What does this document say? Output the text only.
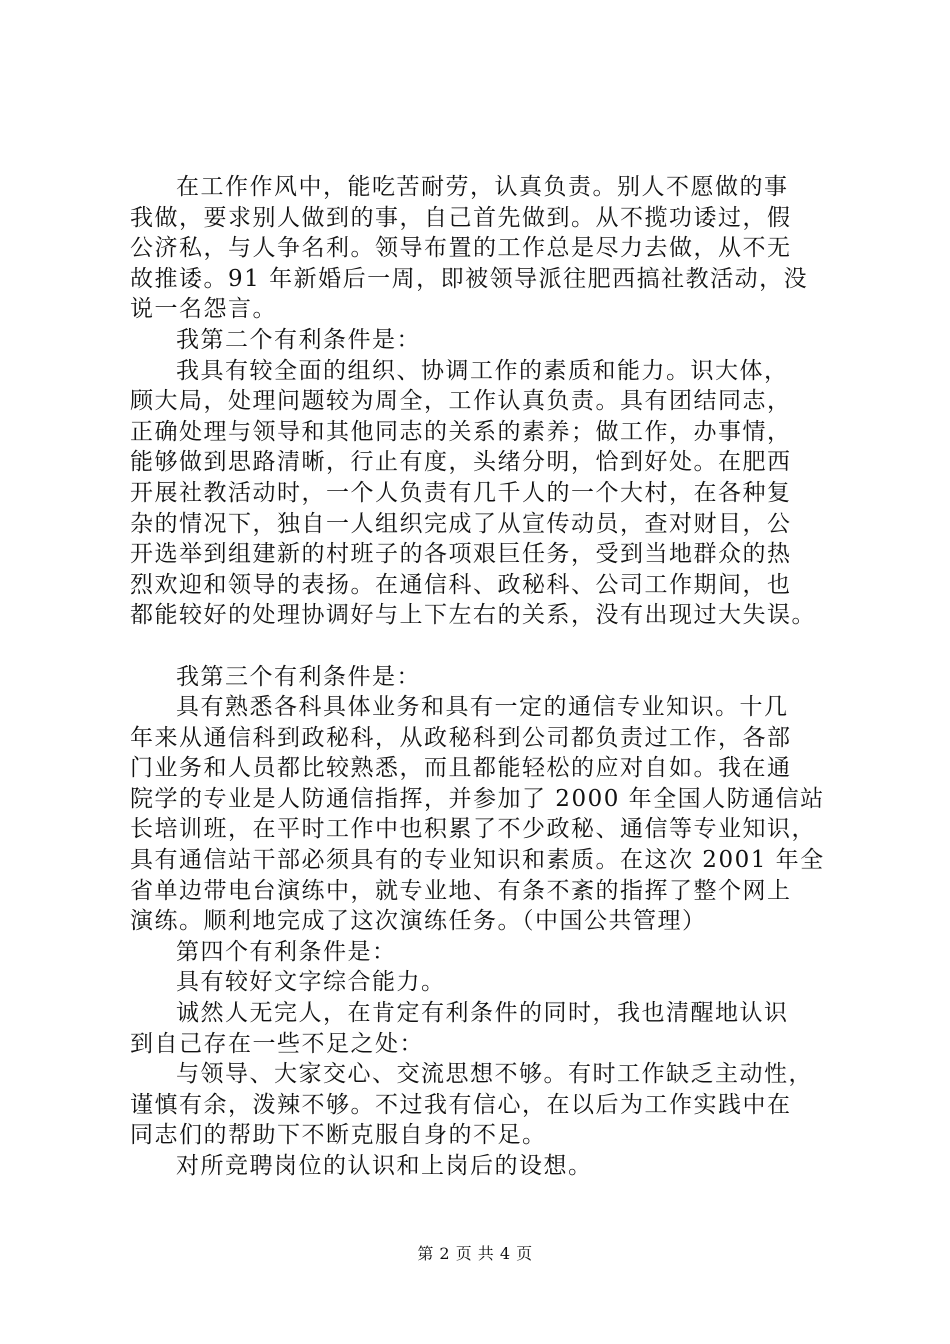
在工作作风中，能吃苦耐劳，认真负责。别人不愿做的事
我做，要求别人做到的事，自己首先做到。从不揽功诿过，假
公济私，与人争名利。领导布置的工作总是尽力去做，从不无
故推诿。91 年新婚后一周，即被领导派往肥西搞社教活动，没
说一名怨言。
我第二个有利条件是：
我具有较全面的组织、协调工作的素质和能力。识大体，
顾大局，处理问题较为周全，工作认真负责。具有团结同志，
正确处理与领导和其他同志的关系的素养；做工作，办事情，
能够做到思路清晰，行止有度，头绪分明，恰到好处。在肥西
开展社教活动时，一个人负责有几千人的一个大村，在各种复
杂的情况下，独自一人组织完成了从宣传动员，查对财目，公
开选举到组建新的村班子的各项艰巨任务，受到当地群众的热
烈欢迎和领导的表扬。在通信科、政秘科、公司工作期间，也
都能较好的处理协调好与上下左右的关系，没有出现过大失误。
我第三个有利条件是：
具有熟悉各科具体业务和具有一定的通信专业知识。十几
年来从通信科到政秘科，从政秘科到公司都负责过工作，各部
门业务和人员都比较熟悉，而且都能轻松的应对自如。我在通
院学的专业是人防通信指挥，并参加了 2000 年全国人防通信站
长培训班，在平时工作中也积累了不少政秘、通信等专业知识，
具有通信站干部必须具有的专业知识和素质。在这次 2001 年全
省单边带电台演练中，就专业地、有条不紊的指挥了整个网上
演练。顺利地完成了这次演练任务。（中国公共管理）
第四个有利条件是：
具有较好文字综合能力。
诚然人无完人，在肯定有利条件的同时，我也清醒地认识
到自己存在一些不足之处：
与领导、大家交心、交流思想不够。有时工作缺乏主动性，
谨慎有余，泼辣不够。不过我有信心，在以后为工作实践中在
同志们的帮助下不断克服自身的不足。
对所竞聘岗位的认识和上岗后的设想。
第 2 页 共 4 页
